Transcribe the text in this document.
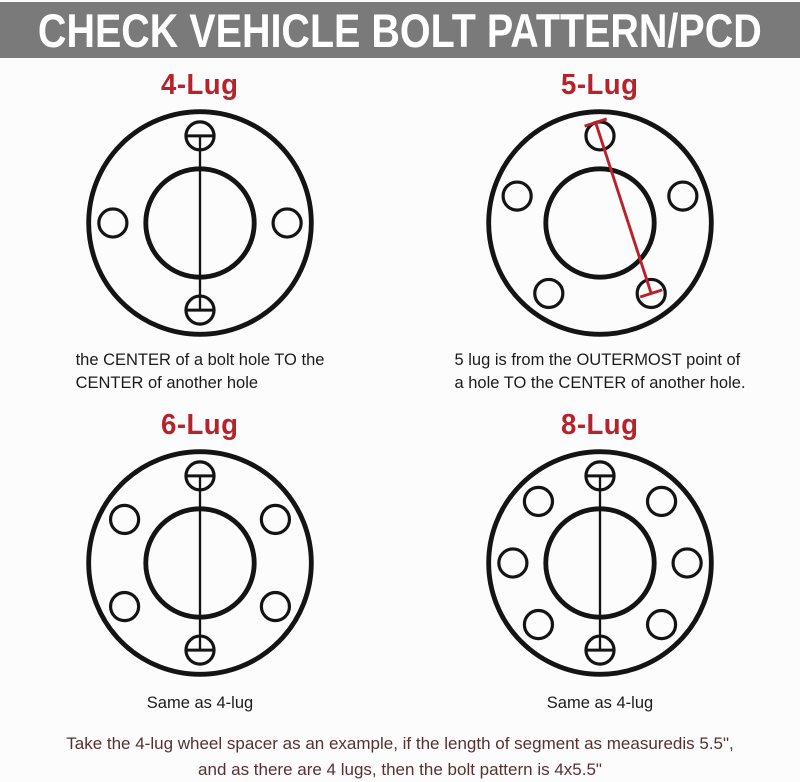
CHECK VEHICLE BOLT PATTERN/PCD
4-Lug
the CENTER of a bolt hole TO the
CENTER of another hole
5-Lug
5 lug is from the OUTERMOST point of
a hole TO the CENTER of another hole.
6-Lug
Same as 4-lug
8-Lug
Same as 4-lug
Take the 4-lug wheel spacer as an example, if the length of segment as measuredis 5.5",
and as there are 4 lugs, then the bolt pattern is 4x5.5"
